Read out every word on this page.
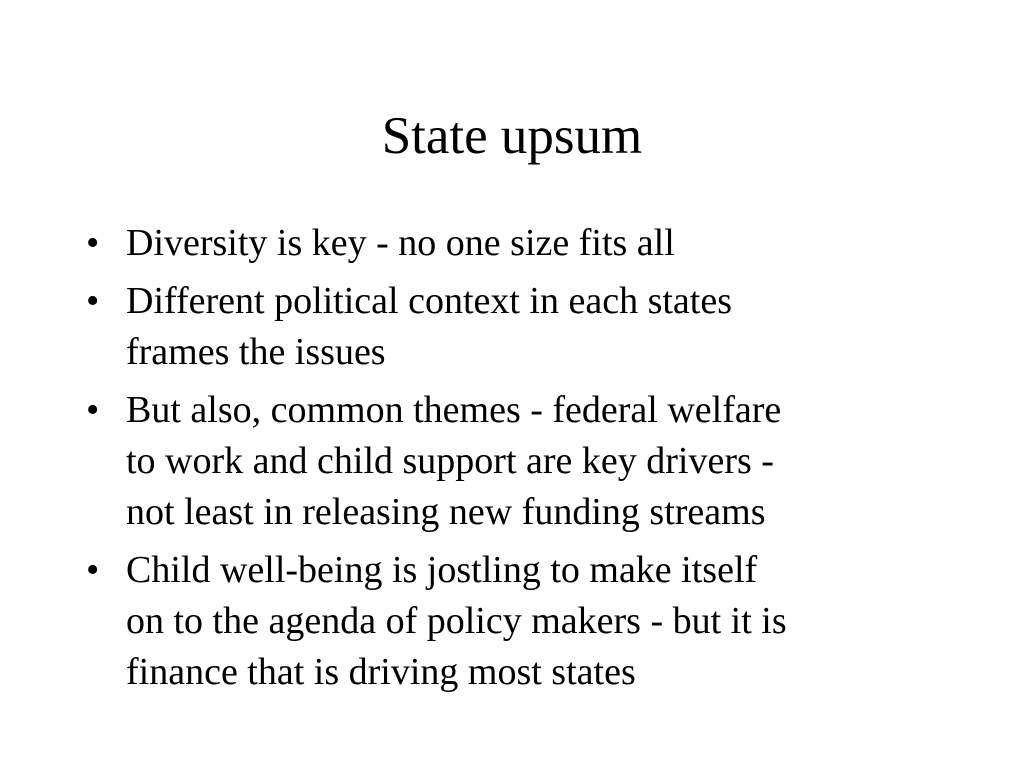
State upsum
• Diversity is key - no one size fits all
• Different political context in each states
frames the issues
• But also, common themes - federal welfare
to work and child support are key drivers -
not least in releasing new funding streams
• Child well-being is jostling to make itself
on to the agenda of policy makers - but it is
finance that is driving most states
